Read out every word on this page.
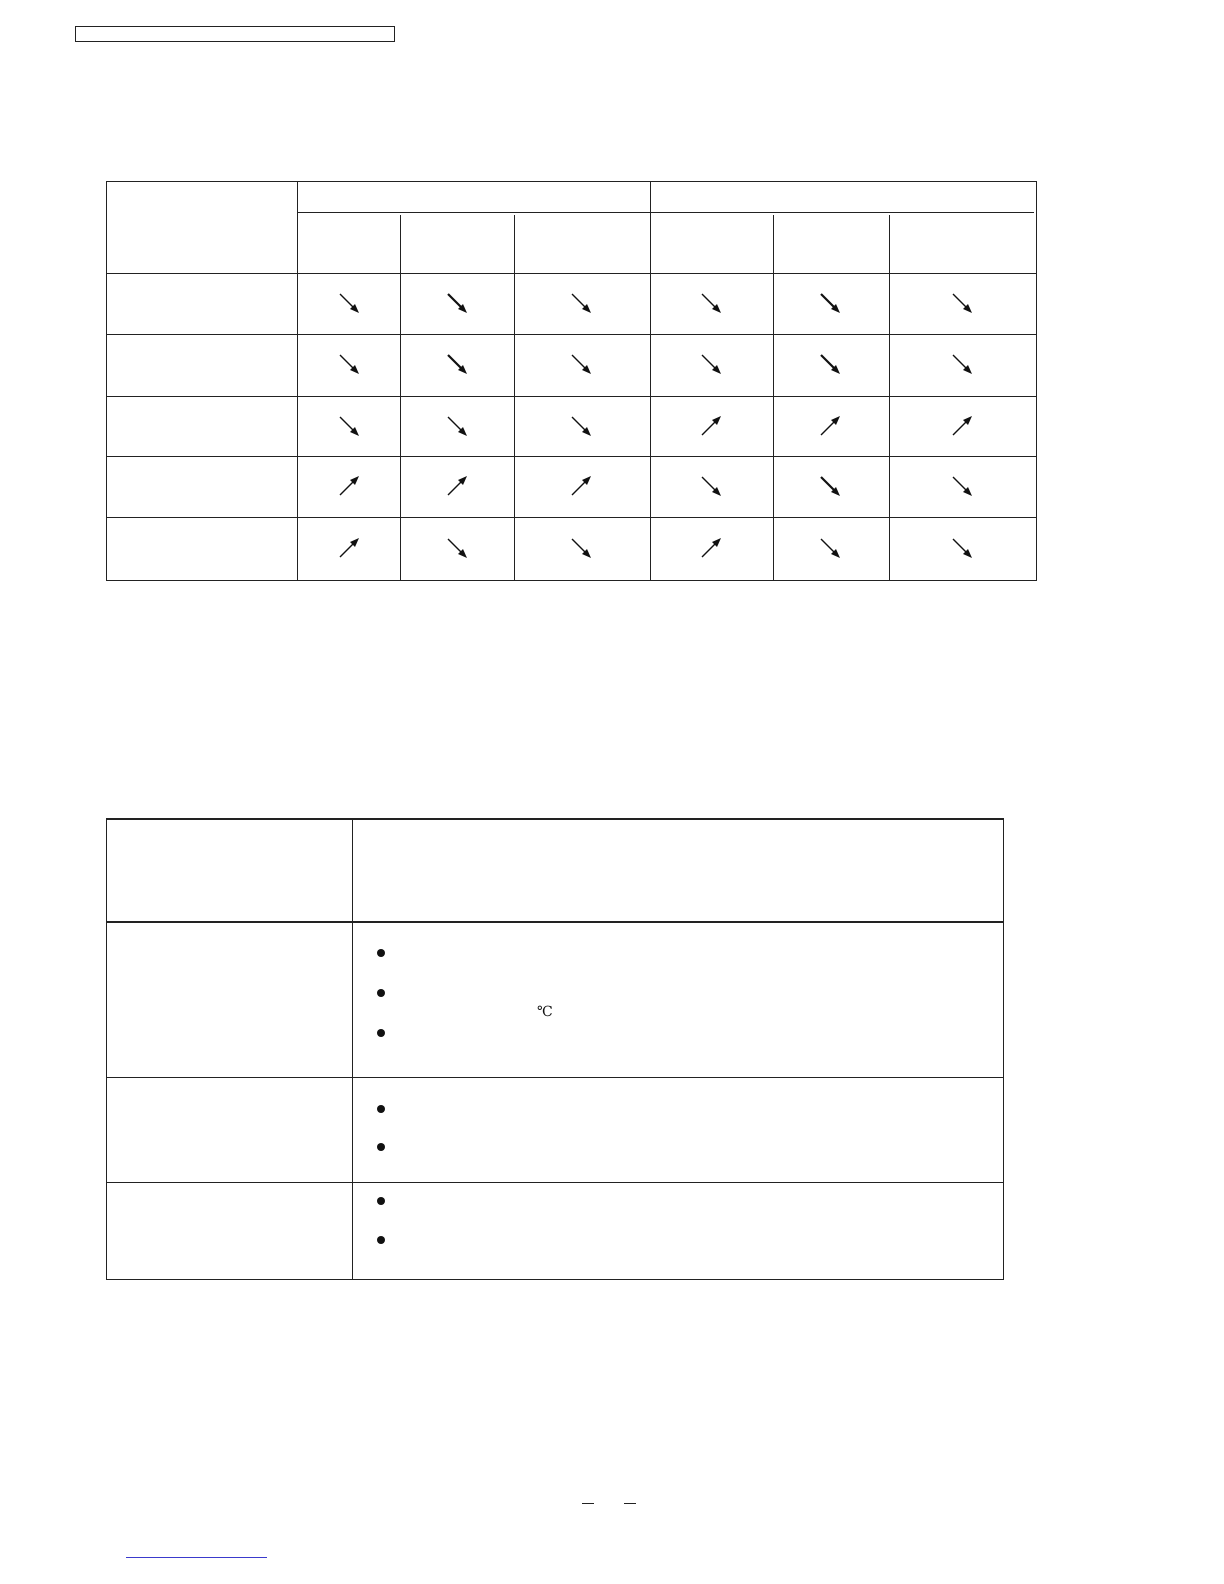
℃
